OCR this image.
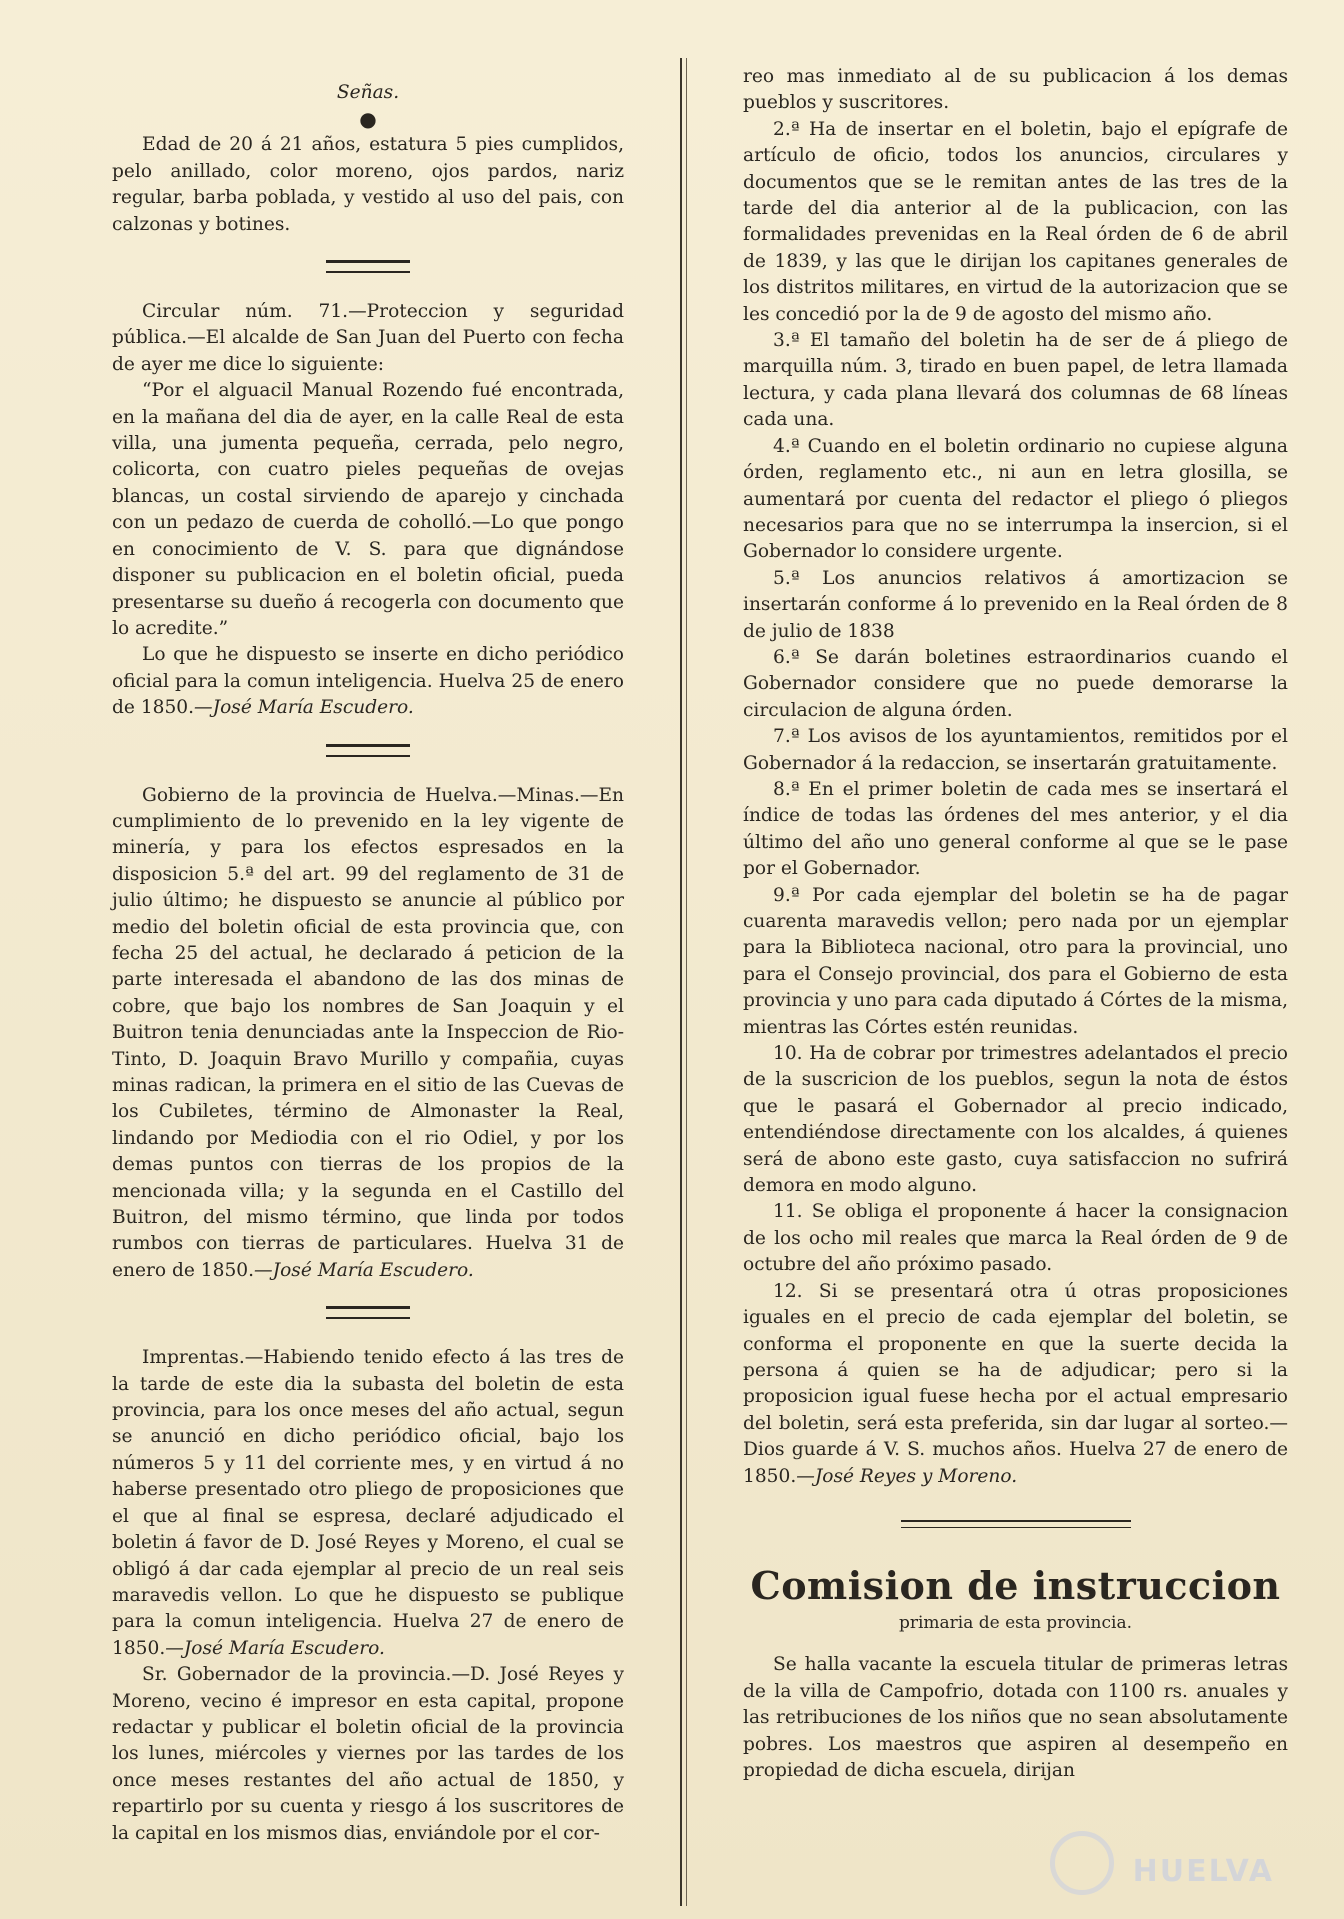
Señas.

●

Edad de 20 á 21 años, estatura 5 pies cumplidos, pelo anillado, color moreno, ojos pardos, nariz regular, barba poblada, y vestido al uso del pais, con calzonas y botines.

Circular núm. 71.—Proteccion y seguridad pública.—El alcalde de San Juan del Puerto con fecha de ayer me dice lo siguiente:

“Por el alguacil Manual Rozendo fué encontrada, en la mañana del dia de ayer, en la calle Real de esta villa, una jumenta pequeña, cerrada, pelo negro, colicorta, con cuatro pieles pequeñas de ovejas blancas, un costal sirviendo de aparejo y cinchada con un pedazo de cuerda de coholló.—Lo que pongo en conocimiento de V. S. para que dignándose disponer su publicacion en el boletin oficial, pueda presentarse su dueño á recogerla con documento que lo acredite.”

Lo que he dispuesto se inserte en dicho periódico oficial para la comun inteligencia. Huelva 25 de enero de 1850.—José María Escudero.

Gobierno de la provincia de Huelva.—Minas.—En cumplimiento de lo prevenido en la ley vigente de minería, y para los efectos espresados en la disposicion 5.ª del art. 99 del reglamento de 31 de julio último; he dispuesto se anuncie al público por medio del boletin oficial de esta provincia que, con fecha 25 del actual, he declarado á peticion de la parte interesada el abandono de las dos minas de cobre, que bajo los nombres de San Joaquin y el Buitron tenia denunciadas ante la Inspeccion de Rio-Tinto, D. Joaquin Bravo Murillo y compañia, cuyas minas radican, la primera en el sitio de las Cuevas de los Cubiletes, término de Almonaster la Real, lindando por Mediodia con el rio Odiel, y por los demas puntos con tierras de los propios de la mencionada villa; y la segunda en el Castillo del Buitron, del mismo término, que linda por todos rumbos con tierras de particulares. Huelva 31 de enero de 1850.—José María Escudero.

Imprentas.—Habiendo tenido efecto á las tres de la tarde de este dia la subasta del boletin de esta provincia, para los once meses del año actual, segun se anunció en dicho periódico oficial, bajo los números 5 y 11 del corriente mes, y en virtud á no haberse presentado otro pliego de proposiciones que el que al final se espresa, declaré adjudicado el boletin á favor de D. José Reyes y Moreno, el cual se obligó á dar cada ejemplar al precio de un real seis maravedis vellon. Lo que he dispuesto se publique para la comun inteligencia. Huelva 27 de enero de 1850.—José María Escudero.

Sr. Gobernador de la provincia.—D. José Reyes y Moreno, vecino é impresor en esta capital, propone redactar y publicar el boletin oficial de la provincia los lunes, miércoles y viernes por las tardes de los once meses restantes del año actual de 1850, y repartirlo por su cuenta y riesgo á los suscritores de la capital en los mismos dias, enviándole por el cor-

reo mas inmediato al de su publicacion á los demas pueblos y suscritores.

2.ª Ha de insertar en el boletin, bajo el epígrafe de artículo de oficio, todos los anuncios, circulares y documentos que se le remitan antes de las tres de la tarde del dia anterior al de la publicacion, con las formalidades prevenidas en la Real órden de 6 de abril de 1839, y las que le dirijan los capitanes generales de los distritos militares, en virtud de la autorizacion que se les concedió por la de 9 de agosto del mismo año.

3.ª El tamaño del boletin ha de ser de á pliego de marquilla núm. 3, tirado en buen papel, de letra llamada lectura, y cada plana llevará dos columnas de 68 líneas cada una.

4.ª Cuando en el boletin ordinario no cupiese alguna órden, reglamento etc., ni aun en letra glosilla, se aumentará por cuenta del redactor el pliego ó pliegos necesarios para que no se interrumpa la insercion, si el Gobernador lo considere urgente.

5.ª Los anuncios relativos á amortizacion se insertarán conforme á lo prevenido en la Real órden de 8 de julio de 1838

6.ª Se darán boletines estraordinarios cuando el Gobernador considere que no puede demorarse la circulacion de alguna órden.

7.ª Los avisos de los ayuntamientos, remitidos por el Gobernador á la redaccion, se insertarán gratuitamente.

8.ª En el primer boletin de cada mes se insertará el índice de todas las órdenes del mes anterior, y el dia último del año uno general conforme al que se le pase por el Gobernador.

9.ª Por cada ejemplar del boletin se ha de pagar cuarenta maravedis vellon; pero nada por un ejemplar para la Biblioteca nacional, otro para la provincial, uno para el Consejo provincial, dos para el Gobierno de esta provincia y uno para cada diputado á Córtes de la misma, mientras las Córtes estén reunidas.

10. Ha de cobrar por trimestres adelantados el precio de la suscricion de los pueblos, segun la nota de éstos que le pasará el Gobernador al precio indicado, entendiéndose directamente con los alcaldes, á quienes será de abono este gasto, cuya satisfaccion no sufrirá demora en modo alguno.

11. Se obliga el proponente á hacer la consignacion de los ocho mil reales que marca la Real órden de 9 de octubre del año próximo pasado.

12. Si se presentará otra ú otras proposiciones iguales en el precio de cada ejemplar del boletin, se conforma el proponente en que la suerte decida la persona á quien se ha de adjudicar; pero si la proposicion igual fuese hecha por el actual empresario del boletin, será esta preferida, sin dar lugar al sorteo.—Dios guarde á V. S. muchos años. Huelva 27 de enero de 1850.—José Reyes y Moreno.

Comision de instruccion
primaria de esta provincia.

Se halla vacante la escuela titular de primeras letras de la villa de Campofrio, dotada con 1100 rs. anuales y las retribuciones de los niños que no sean absolutamente pobres. Los maestros que aspiren al desempeño en propiedad de dicha escuela, dirijan

HUELVA
